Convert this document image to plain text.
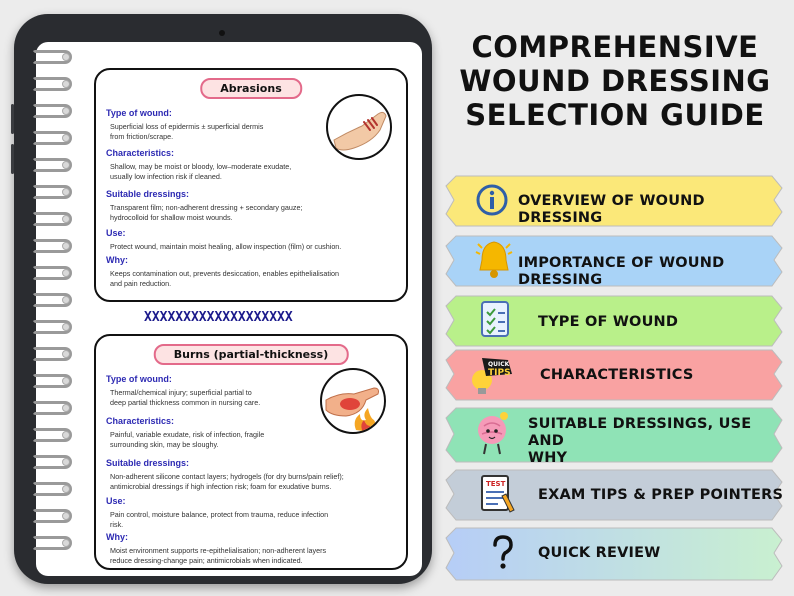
Abrasions
Type of wound:
Superficial loss of epidermis ± superficial dermis
from friction/scrape.
Characteristics:
Shallow, may be moist or bloody, low–moderate exudate,
usually low infection risk if cleaned.
Suitable dressings:
Transparent film; non-adherent dressing + secondary gauze;
hydrocolloid for shallow moist wounds.
Use:
Protect wound, maintain moist healing, allow inspection (film) or cushion.
Why:
Keeps contamination out, prevents desiccation, enables epithelialisation
and pain reduction.
XXXXXXXXXXXXXXXXXXX
Burns (partial-thickness)
Type of wound:
Thermal/chemical injury; superficial partial to
deep partial thickness common in nursing care.
Characteristics:
Painful, variable exudate, risk of infection, fragile
surrounding skin, may be sloughy.
Suitable dressings:
Non-adherent silicone contact layers; hydrogels (for dry burns/pain relief);
antimicrobial dressings if high infection risk; foam for exudative burns.
Use:
Pain control, moisture balance, protect from trauma, reduce infection
risk.
Why:
Moist environment supports re-epithelialisation; non-adherent layers
reduce dressing-change pain; antimicrobials when indicated.
COMPREHENSIVE
WOUND DRESSING
SELECTION GUIDE
OVERVIEW OF WOUND DRESSING
IMPORTANCE OF WOUND DRESSING
TYPE OF WOUND
QUICK
TIPS CHARACTERISTICS
SUITABLE DRESSINGS, USE AND
WHY
TEST
EXAM TIPS & PREP POINTERS
QUICK REVIEW
